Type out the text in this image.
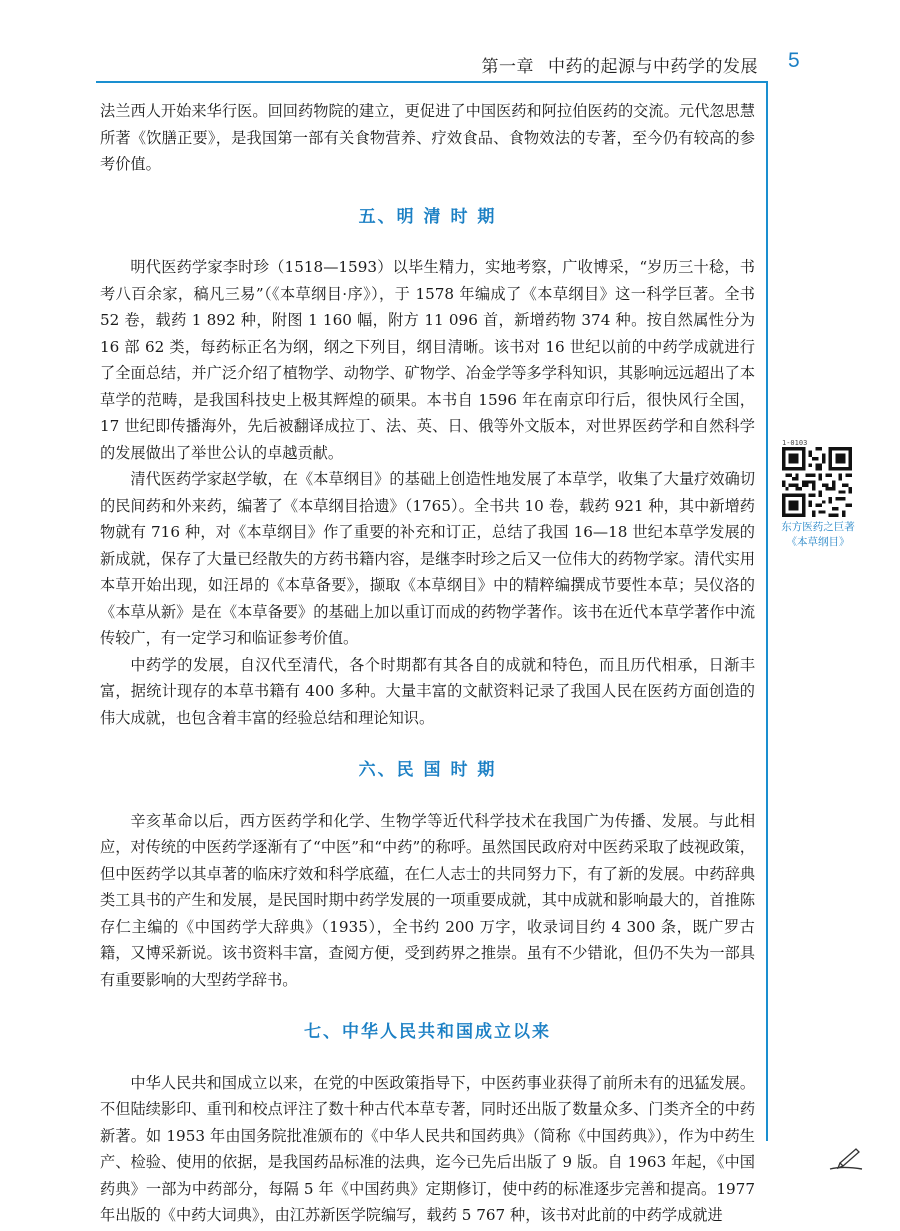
第一章 中药的起源与中药学的发展 5

法兰西人开始来华行医。回回药物院的建立，更促进了中国医药和阿拉伯医药的交流。元代忽思慧所著《饮膳正要》，是我国第一部有关食物营养、疗效食品、食物效法的专著，至今仍有较高的参考价值。

五、明 清 时 期

明代医药学家李时珍（1518—1593）以毕生精力，实地考察，广收博采，“岁历三十稔，书考八百余家，稿凡三易”（《本草纲目·序》），于 1578 年编成了《本草纲目》这一科学巨著。全书 52 卷，载药 1 892 种，附图 1 160 幅，附方 11 096 首，新增药物 374 种。按自然属性分为 16 部 62 类，每药标正名为纲，纲之下列目，纲目清晰。该书对 16 世纪以前的中药学成就进行了全面总结，并广泛介绍了植物学、动物学、矿物学、冶金学等多学科知识，其影响远远超出了本草学的范畴，是我国科技史上极其辉煌的硕果。本书自 1596 年在南京印行后，很快风行全国，17 世纪即传播海外，先后被翻译成拉丁、法、英、日、俄等外文版本，对世界医药学和自然科学的发展做出了举世公认的卓越贡献。

清代医药学家赵学敏，在《本草纲目》的基础上创造性地发展了本草学，收集了大量疗效确切的民间药和外来药，编著了《本草纲目拾遗》（1765）。全书共 10 卷，载药 921 种，其中新增药物就有 716 种，对《本草纲目》作了重要的补充和订正，总结了我国 16—18 世纪本草学发展的新成就，保存了大量已经散失的方药书籍内容，是继李时珍之后又一位伟大的药物学家。清代实用本草开始出现，如汪昂的《本草备要》，撷取《本草纲目》中的精粹编撰成节要性本草；吴仪洛的《本草从新》是在《本草备要》的基础上加以重订而成的药物学著作。该书在近代本草学著作中流传较广，有一定学习和临证参考价值。

中药学的发展，自汉代至清代，各个时期都有其各自的成就和特色，而且历代相承，日渐丰富，据统计现存的本草书籍有 400 多种。大量丰富的文献资料记录了我国人民在医药方面创造的伟大成就，也包含着丰富的经验总结和理论知识。

六、民 国 时 期

辛亥革命以后，西方医药学和化学、生物学等近代科学技术在我国广为传播、发展。与此相应，对传统的中医药学逐渐有了“中医”和“中药”的称呼。虽然国民政府对中医药采取了歧视政策，但中医药学以其卓著的临床疗效和科学底蕴，在仁人志士的共同努力下，有了新的发展。中药辞典类工具书的产生和发展，是民国时期中药学发展的一项重要成就，其中成就和影响最大的，首推陈存仁主编的《中国药学大辞典》（1935），全书约 200 万字，收录词目约 4 300 条，既广罗古籍，又博采新说。该书资料丰富，查阅方便，受到药界之推崇。虽有不少错讹，但仍不失为一部具有重要影响的大型药学辞书。

七、中华人民共和国成立以来

中华人民共和国成立以来，在党的中医政策指导下，中医药事业获得了前所未有的迅猛发展。不但陆续影印、重刊和校点评注了数十种古代本草专著，同时还出版了数量众多、门类齐全的中药新著。如 1953 年由国务院批准颁布的《中华人民共和国药典》（简称《中国药典》），作为中药生产、检验、使用的依据，是我国药品标准的法典，迄今已先后出版了 9 版。自 1963 年起，《中国药典》一部为中药部分，每隔 5 年《中国药典》定期修订，使中药的标准逐步完善和提高。1977 年出版的《中药大词典》，由江苏新医学院编写，载药 5 767 种，该书对此前的中药学成就进

1-0103
东方医药之巨著
《本草纲目》
